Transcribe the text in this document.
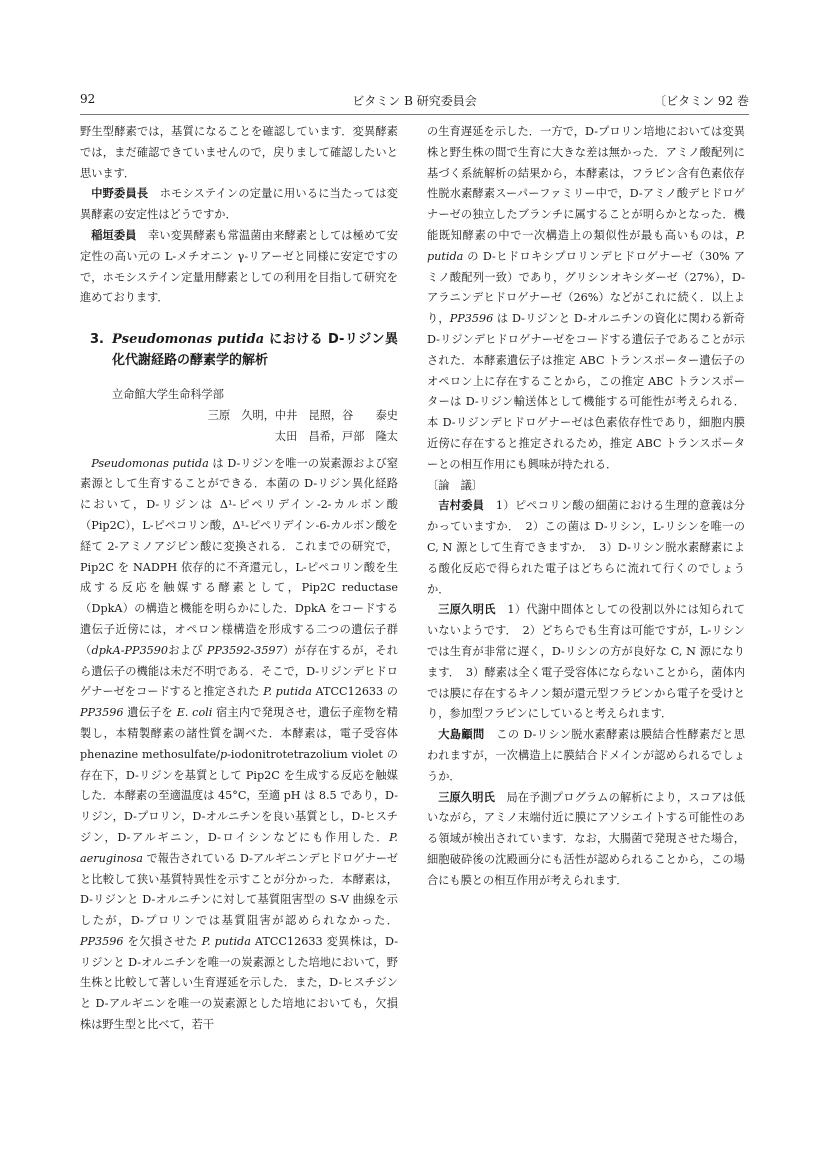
92	ビタミン B 研究委員会	〔ビタミン 92 巻

野生型酵素では，基質になることを確認しています．変異酵素では，まだ確認できていませんので，戻りまして確認したいと思います．

中野委員長　 ホモシステインの定量に用いるに当たっては変異酵素の安定性はどうですか．

稲垣委員　 幸い変異酵素も常温菌由来酵素としては極めて安定性の高い元の L-メチオニン γ-リアーゼと同様に安定ですので，ホモシステイン定量用酵素としての利用を目指して研究を進めております．

3. Pseudomonas putida における D-リジン異化代謝経路の酵素学的解析
立命館大学生命科学部
三原　久明，中井　昆照，谷　　泰史
太田　昌希，戸部　隆太

Pseudomonas putida は D-リジンを唯一の炭素源および窒素源として生育することができる．本菌の D-リジン異化経路において，D-リジンは Δ¹-ピペリデイン-2-カルボン酸（Pip2C），L-ピペコリン酸，Δ¹-ピペリデイン-6-カルボン酸を経て 2-アミノアジピン酸に変換される．これまでの研究で，Pip2C を NADPH 依存的に不斉還元し，L-ピペコリン酸を生成する反応を触媒する酵素として，Pip2C reductase（DpkA）の構造と機能を明らかにした．DpkA をコードする遺伝子近傍には，オペロン様構造を形成する二つの遺伝子群（dpkA-PP3590および PP3592-3597）が存在するが，それら遺伝子の機能は未だ不明である．そこで，D-リジンデヒドロゲナーゼをコードすると推定された P. putida ATCC12633 の PP3596 遺伝子を E. coli 宿主内で発現させ，遺伝子産物を精製し，本精製酵素の諸性質を調べた．本酵素は，電子受容体 phenazine methosulfate/p-iodonitrotetrazolium violet の存在下，D-リジンを基質として Pip2C を生成する反応を触媒した．本酵素の至適温度は 45°C，至適 pH は 8.5 であり，D-リジン，D-プロリン，D-オルニチンを良い基質とし，D-ヒスチジン，D-アルギニン，D-ロイシンなどにも作用した．P. aeruginosa で報告されている D-アルギニンデヒドロゲナーゼと比較して狭い基質特異性を示すことが分かった．本酵素は，D-リジンと D-オルニチンに対して基質阻害型の S-V 曲線を示したが，D-プロリンでは基質阻害が認められなかった．PP3596 を欠損させた P. putida ATCC12633 変異株は，D-リジンと D-オルニチンを唯一の炭素源とした培地において，野生株と比較して著しい生育遅延を示した．また，D-ヒスチジンと D-アルギニンを唯一の炭素源とした培地においても，欠損株は野生型と比べて，若干

の生育遅延を示した．一方で，D-プロリン培地においては変異株と野生株の間で生育に大きな差は無かった．アミノ酸配列に基づく系統解析の結果から，本酵素は，フラビン含有色素依存性脱水素酵素スーパーファミリー中で，D-アミノ酸デヒドロゲナーゼの独立したブランチに属することが明らかとなった．機能既知酵素の中で一次構造上の類似性が最も高いものは，P. putida の D-ヒドロキシプロリンデヒドロゲナーゼ（30% アミノ酸配列一致）であり，グリシンオキシダーゼ（27%），D-アラニンデヒドロゲナーゼ（26%）などがこれに続く．以上より，PP3596 は D-リジンと D-オルニチンの資化に関わる新奇 D-リジンデヒドロゲナーゼをコードする遺伝子であることが示された．本酵素遺伝子は推定 ABC トランスポーター遺伝子のオペロン上に存在することから，この推定 ABC トランスポーターは D-リジン輸送体として機能する可能性が考えられる．本 D-リジンデヒドロゲナーゼは色素依存性であり，細胞内膜近傍に存在すると推定されるため，推定 ABC トランスポーターとの相互作用にも興味が持たれる．

〔論　議〕

吉村委員　 1）ピペコリン酸の細菌における生理的意義は分かっていますか．　2）この菌は D-リシン，L-リシンを唯一の C, N 源として生育できますか．　3）D-リシン脱水素酵素による酸化反応で得られた電子はどちらに流れて行くのでしょうか．

三原久明氏　 1）代謝中間体としての役割以外には知られていないようです．　2）どちらでも生育は可能ですが，L-リシンでは生育が非常に遅く，D-リシンの方が良好な C, N 源になります．　3）酵素は全く電子受容体にならないことから，菌体内では膜に存在するキノン類が還元型フラビンから電子を受けとり，参加型フラビンにしていると考えられます．

大島顧問　 この D-リシン脱水素酵素は膜結合性酵素だと思われますが，一次構造上に膜結合ドメインが認められるでしょうか．

三原久明氏　 局在予測プログラムの解析により，スコアは低いながら，アミノ末端付近に膜にアソシエイトする可能性のある領域が検出されています．なお，大腸菌で発現させた場合，細胞破砕後の沈殿画分にも活性が認められることから，この場合にも膜との相互作用が考えられます．
